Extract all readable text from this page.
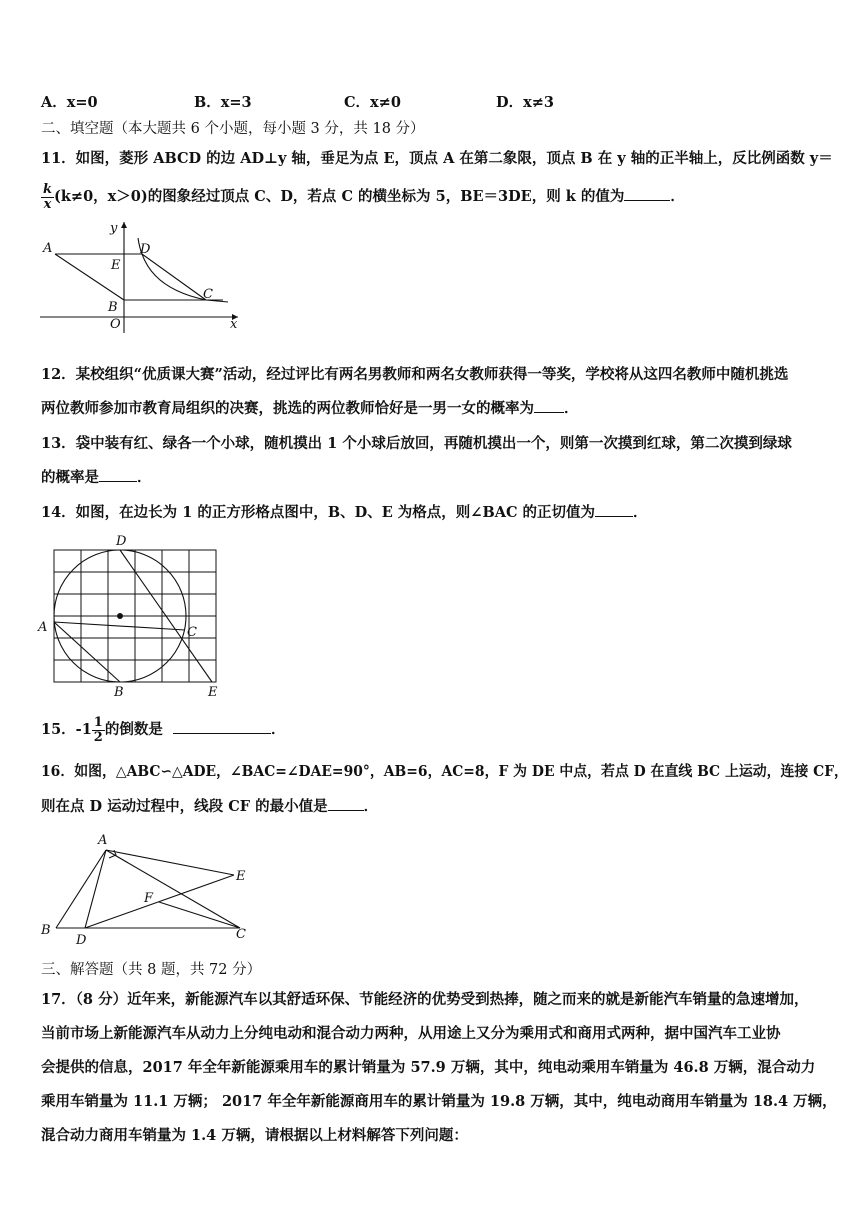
A．x=0	B．x=3	C．x≠0	D．x≠3
二、填空题（本大题共 6 个小题，每小题 3 分，共 18 分）
11．如图，菱形 ABCD 的边 AD⊥y 轴，垂足为点 E，顶点 A 在第二象限，顶点 B 在 y 轴的正半轴上，反比例函数 y＝
$\frac{k}{x} (k\ne 0$，x＞0)的图象经过顶点 C、D，若点 C 的横坐标为 5，BE＝3DE，则 k 的值为	．
A	D
E
B
C
O	x
y
12．某校组织“优质课大赛”活动，经过评比有两名男教师和两名女教师获得一等奖，学校将从这四名教师中随机挑选
两位教师参加市教育局组织的决赛，挑选的两位教师恰好是一男一女的概率为 ．
13．袋中装有红、绿各一个小球，随机摸出 1 个小球后放回，再随机摸出一个，则第一次摸到红球，第二次摸到绿球
的概率是	．
14．如图，在边长为 1 的正方形格点图中，B、D、E 为格点，则∠BAC 的正切值为	．
D
A	C
B	E
15．$-1 \frac{1}{2}$ 的倒数是	．
16．如图，△ABC∽△ADE，∠BAC=∠DAE=90°，AB=6，AC=8，F 为 DE 中点，若点 D 在直线 BC 上运动，连接 CF，
则在点 D 运动过程中，线段 CF 的最小值是 ．
A
E
F
B
D	C
三、解答题（共 8 题，共 72 分）
17．（8 分）近年来，新能源汽车以其舒适环保、节能经济的优势受到热捧，随之而来的就是新能汽车销量的急速增加，
当前市场上新能源汽车从动力上分纯电动和混合动力两种，从用途上又分为乘用式和商用式两种，据中国汽车工业协
会提供的信息，2017 年全年新能源乘用车的累计销量为 57.9 万辆，其中，纯电动乘用车销量为 46.8 万辆，混合动力
乘用车销量为 11.1 万辆； 2017 年全年新能源商用车的累计销量为 19.8 万辆，其中，纯电动商用车销量为 18.4 万辆，
混合动力商用车销量为 1.4 万辆，请根据以上材料解答下列问题：
